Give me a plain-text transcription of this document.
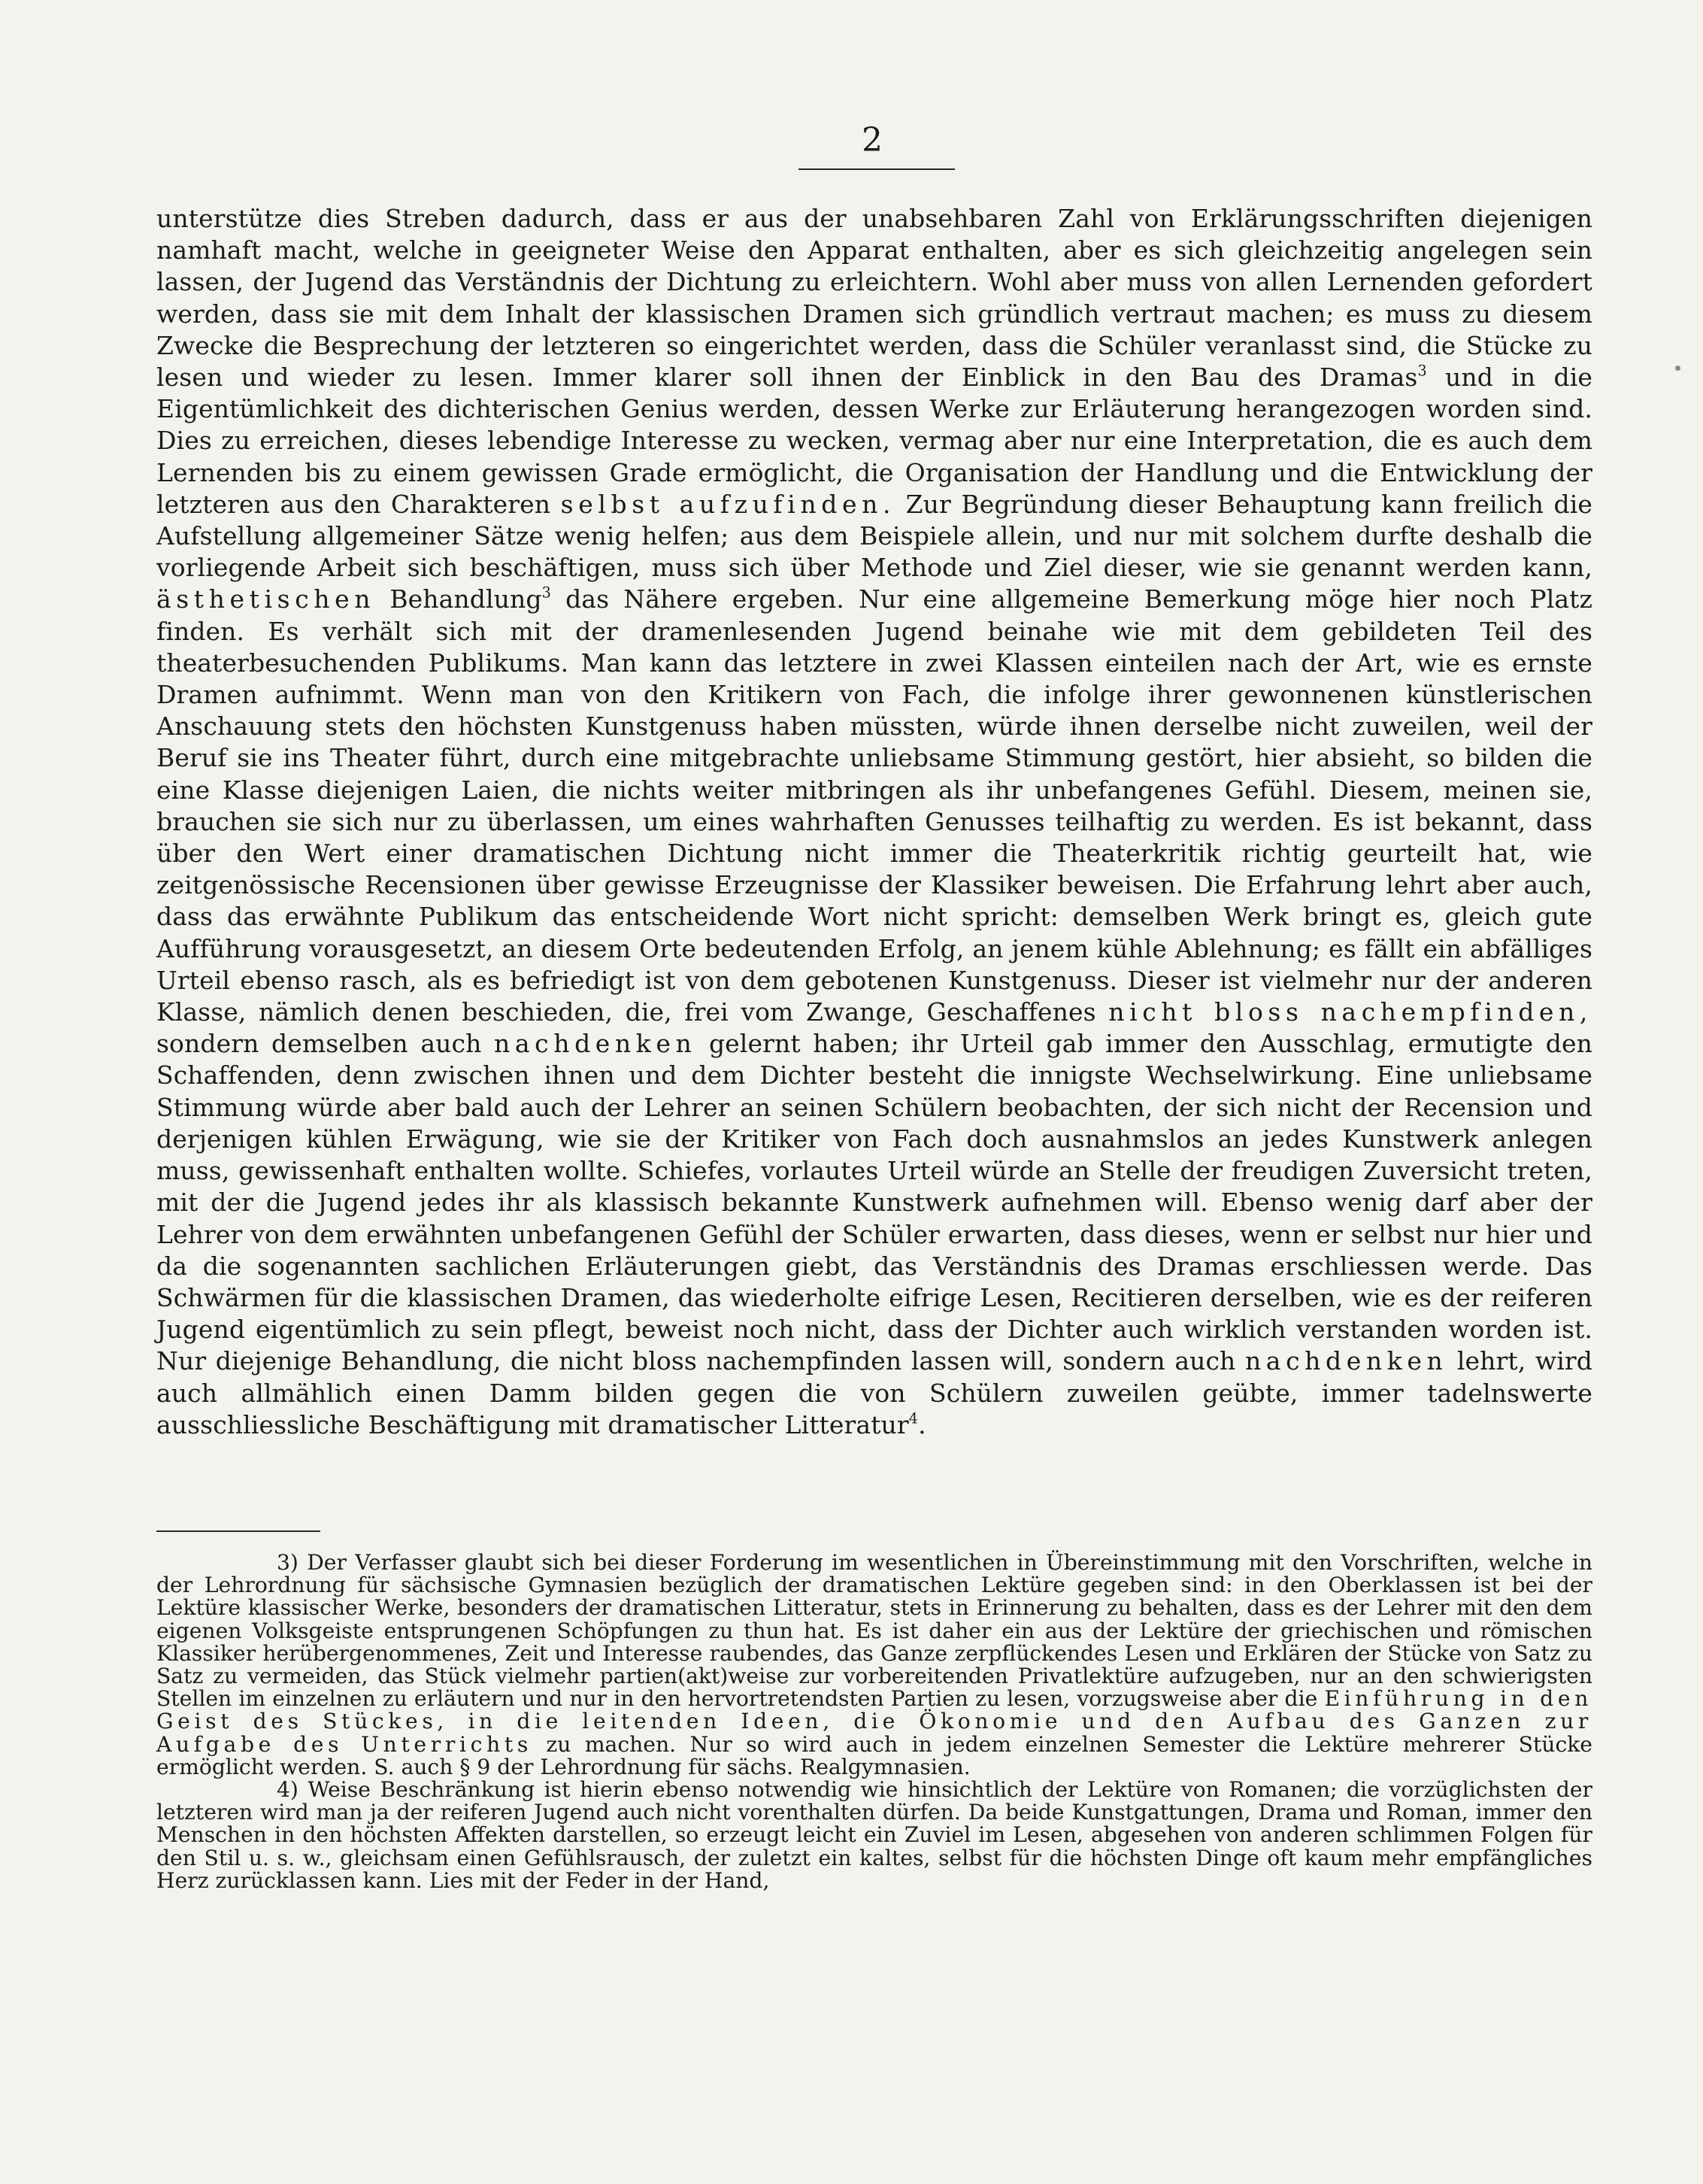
2

unterstütze dies Streben dadurch, dass er aus der unabsehbaren Zahl von Erklärungsschriften diejenigen namhaft macht, welche in geeigneter Weise den Apparat enthalten, aber es sich gleichzeitig angelegen sein lassen, der Jugend das Verständnis der Dichtung zu erleichtern. Wohl aber muss von allen Lernenden gefordert werden, dass sie mit dem Inhalt der klassischen Dramen sich gründlich vertraut machen; es muss zu diesem Zwecke die Besprechung der letzteren so eingerichtet werden, dass die Schüler veranlasst sind, die Stücke zu lesen und wieder zu lesen. Immer klarer soll ihnen der Einblick in den Bau des Dramas$^3$ und in die Eigentümlichkeit des dichterischen Genius werden, dessen Werke zur Erläuterung herangezogen worden sind. Dies zu erreichen, dieses lebendige Interesse zu wecken, vermag aber nur eine Interpretation, die es auch dem Lernenden bis zu einem gewissen Grade ermöglicht, die Organisation der Handlung und die Entwicklung der letzteren aus den Charakteren selbst aufzufinden. Zur Begründung dieser Behauptung kann freilich die Aufstellung allgemeiner Sätze wenig helfen; aus dem Beispiele allein, und nur mit solchem durfte deshalb die vorliegende Arbeit sich beschäftigen, muss sich über Methode und Ziel dieser, wie sie genannt werden kann, ästhetischen Behandlung$^3$ das Nähere ergeben. Nur eine allgemeine Bemerkung möge hier noch Platz finden. Es verhält sich mit der dramenlesenden Jugend beinahe wie mit dem gebildeten Teil des theaterbesuchenden Publikums. Man kann das letztere in zwei Klassen einteilen nach der Art, wie es ernste Dramen aufnimmt. Wenn man von den Kritikern von Fach, die infolge ihrer gewonnenen künstlerischen Anschauung stets den höchsten Kunstgenuss haben müssten, würde ihnen derselbe nicht zuweilen, weil der Beruf sie ins Theater führt, durch eine mitgebrachte unliebsame Stimmung gestört, hier absieht, so bilden die eine Klasse diejenigen Laien, die nichts weiter mitbringen als ihr unbefangenes Gefühl. Diesem, meinen sie, brauchen sie sich nur zu überlassen, um eines wahrhaften Genusses teilhaftig zu werden. Es ist bekannt, dass über den Wert einer dramatischen Dichtung nicht immer die Theaterkritik richtig geurteilt hat, wie zeitgenössische Recensionen über gewisse Erzeugnisse der Klassiker beweisen. Die Erfahrung lehrt aber auch, dass das erwähnte Publikum das entscheidende Wort nicht spricht: demselben Werk bringt es, gleich gute Aufführung vorausgesetzt, an diesem Orte bedeutenden Erfolg, an jenem kühle Ablehnung; es fällt ein abfälliges Urteil ebenso rasch, als es befriedigt ist von dem gebotenen Kunstgenuss. Dieser ist vielmehr nur der anderen Klasse, nämlich denen beschieden, die, frei vom Zwange, Geschaffenes nicht bloss nachempfinden, sondern demselben auch nachdenken gelernt haben; ihr Urteil gab immer den Ausschlag, ermutigte den Schaffenden, denn zwischen ihnen und dem Dichter besteht die innigste Wechselwirkung. Eine unliebsame Stimmung würde aber bald auch der Lehrer an seinen Schülern beobachten, der sich nicht der Recension und derjenigen kühlen Erwägung, wie sie der Kritiker von Fach doch ausnahmslos an jedes Kunstwerk anlegen muss, gewissenhaft enthalten wollte. Schiefes, vorlautes Urteil würde an Stelle der freudigen Zuversicht treten, mit der die Jugend jedes ihr als klassisch bekannte Kunstwerk aufnehmen will. Ebenso wenig darf aber der Lehrer von dem erwähnten unbefangenen Gefühl der Schüler erwarten, dass dieses, wenn er selbst nur hier und da die sogenannten sachlichen Erläuterungen giebt, das Verständnis des Dramas erschliessen werde. Das Schwärmen für die klassischen Dramen, das wiederholte eifrige Lesen, Recitieren derselben, wie es der reiferen Jugend eigentümlich zu sein pflegt, beweist noch nicht, dass der Dichter auch wirklich verstanden worden ist. Nur diejenige Behandlung, die nicht bloss nachempfinden lassen will, sondern auch nachdenken lehrt, wird auch allmählich einen Damm bilden gegen die von Schülern zuweilen geübte, immer tadelnswerte ausschliessliche Beschäftigung mit dramatischer Litteratur$^4$.

3) Der Verfasser glaubt sich bei dieser Forderung im wesentlichen in Übereinstimmung mit den Vorschriften, welche in der Lehrordnung für sächsische Gymnasien bezüglich der dramatischen Lektüre gegeben sind: in den Oberklassen ist bei der Lektüre klassischer Werke, besonders der dramatischen Litteratur, stets in Erinnerung zu behalten, dass es der Lehrer mit den dem eigenen Volksgeiste entsprungenen Schöpfungen zu thun hat. Es ist daher ein aus der Lektüre der griechischen und römischen Klassiker herübergenommenes, Zeit und Interesse raubendes, das Ganze zerpflückendes Lesen und Erklären der Stücke von Satz zu Satz zu vermeiden, das Stück vielmehr partien(akt)weise zur vorbereitenden Privatlektüre aufzugeben, nur an den schwierigsten Stellen im einzelnen zu erläutern und nur in den hervortretendsten Partien zu lesen, vorzugsweise aber die Einführung in den Geist des Stückes, in die leitenden Ideen, die Ökonomie und den Aufbau des Ganzen zur Aufgabe des Unterrichts zu machen. Nur so wird auch in jedem einzelnen Semester die Lektüre mehrerer Stücke ermöglicht werden. S. auch § 9 der Lehrordnung für sächs. Realgymnasien.

4) Weise Beschränkung ist hierin ebenso notwendig wie hinsichtlich der Lektüre von Romanen; die vorzüglichsten der letzteren wird man ja der reiferen Jugend auch nicht vorenthalten dürfen. Da beide Kunstgattungen, Drama und Roman, immer den Menschen in den höchsten Affekten darstellen, so erzeugt leicht ein Zuviel im Lesen, abgesehen von anderen schlimmen Folgen für den Stil u. s. w., gleichsam einen Gefühlsrausch, der zuletzt ein kaltes, selbst für die höchsten Dinge oft kaum mehr empfängliches Herz zurücklassen kann. Lies mit der Feder in der Hand,
